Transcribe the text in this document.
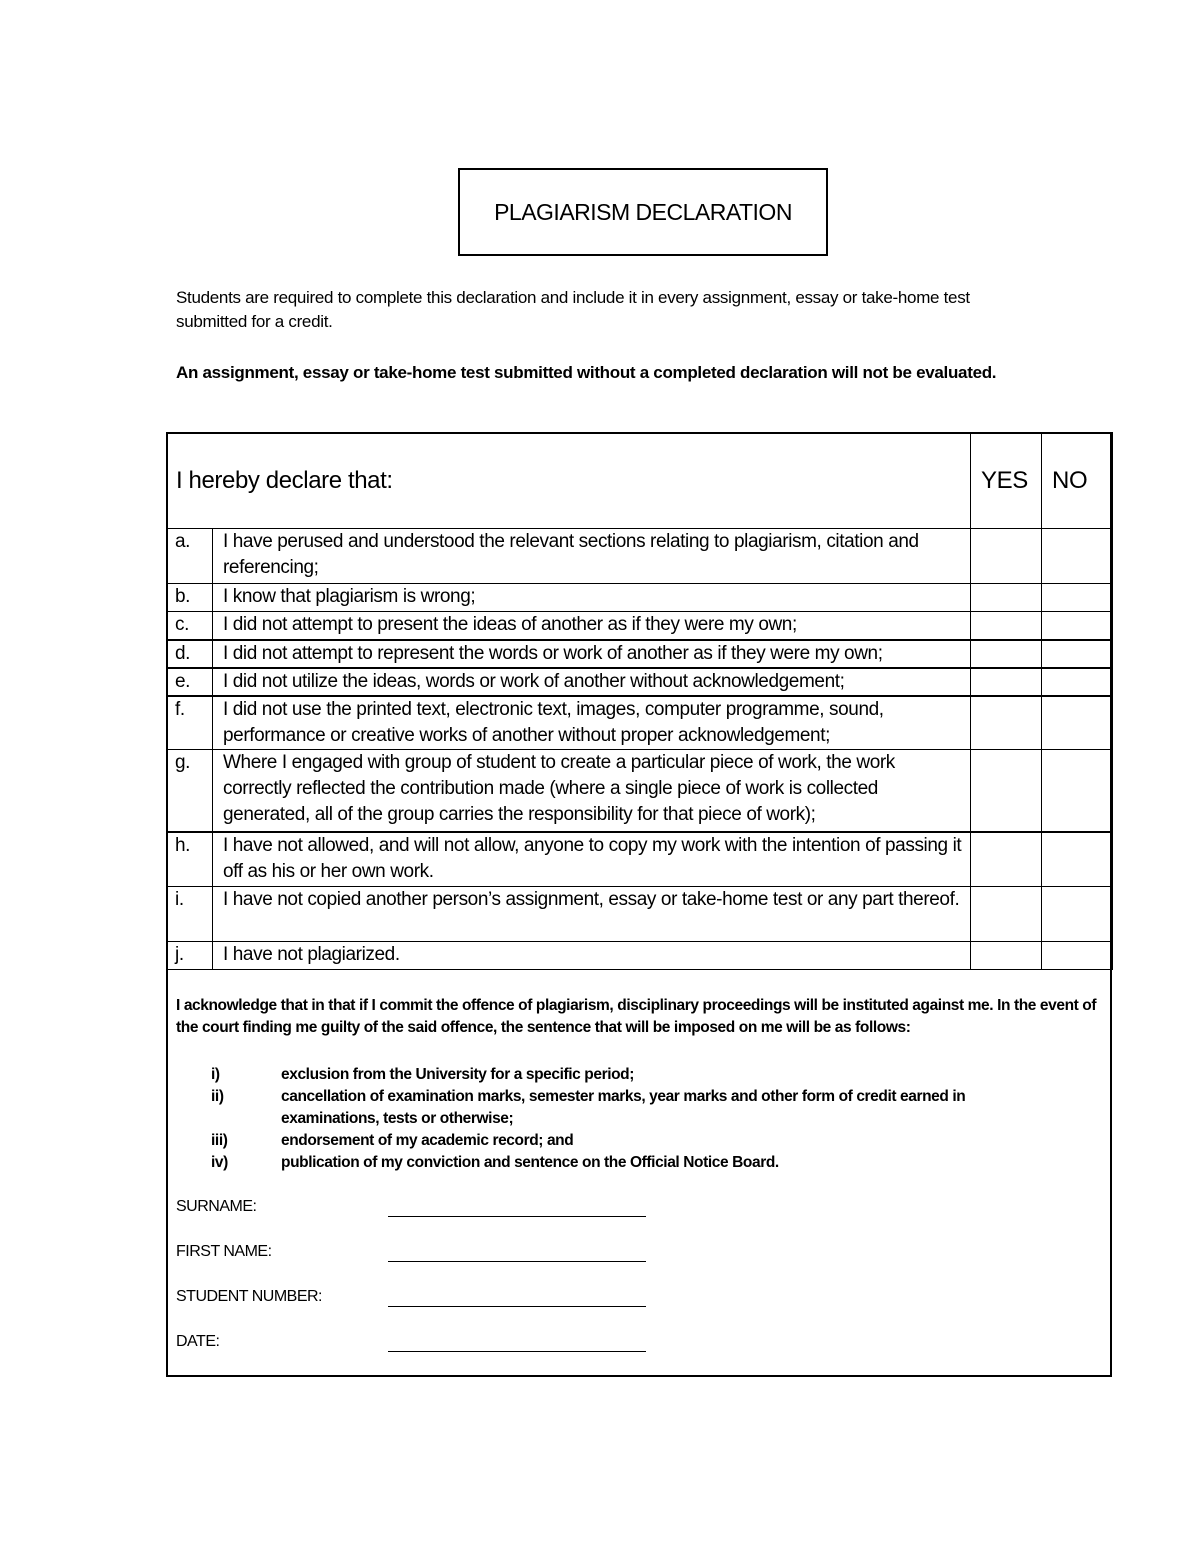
PLAGIARISM DECLARATION

Students are required to complete this declaration and include it in every assignment, essay or take-home test submitted for a credit.

An assignment, essay or take-home test submitted without a completed declaration will not be evaluated.

I hereby declare that:		YES	NO
a.	I have perused and understood the relevant sections relating to plagiarism, citation and referencing;		
b.	I know that plagiarism is wrong;		
c.	I did not attempt to present the ideas of another as if they were my own;		
d.	I did not attempt to represent the words or work of another as if they were my own;		
e.	I did not utilize the ideas, words or work of another without acknowledgement;		
f.	I did not use the printed text, electronic text, images, computer programme, sound, performance or creative works of another without proper acknowledgement;		
g.	Where I engaged with group of student to create a particular piece of work, the work correctly reflected the contribution made (where a single piece of work is collected generated, all of the group carries the responsibility for that piece of work);		
h.	I have not allowed, and will not allow, anyone to copy my work with the intention of passing it off as his or her own work.		
i.	I have not copied another person’s assignment, essay or take-home test or any part thereof.		
j.	I have not plagiarized.		

I acknowledge that in that if I commit the offence of plagiarism, disciplinary proceedings will be instituted against me. In the event of the court finding me guilty of the said offence, the sentence that will be imposed on me will be as follows:

i)	exclusion from the University for a specific period;
ii)	cancellation of examination marks, semester marks, year marks and other form of credit earned in examinations, tests or otherwise;
iii)	endorsement of my academic record; and
iv)	publication of my conviction and sentence on the Official Notice Board.
SURNAME:
FIRST NAME:
STUDENT NUMBER:
DATE:
